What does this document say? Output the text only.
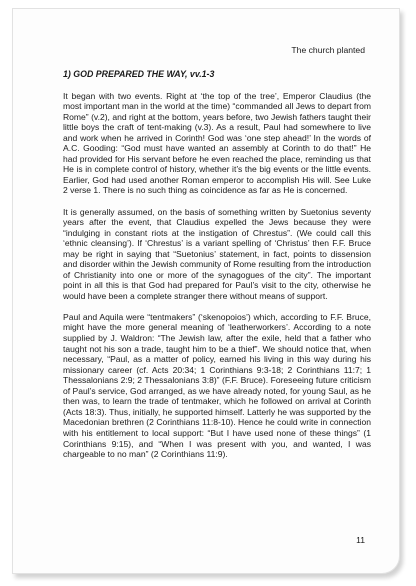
The church planted
1) GOD PREPARED THE WAY, vv.1-3

It began with two events. Right at ‘the top of the tree’, Emperor Claudius (the most important man in the world at the time) “commanded all Jews to depart from Rome” (v.2), and right at the bottom, years before, two Jewish fathers taught their little boys the craft of tent-making (v.3). As a result, Paul had somewhere to live and work when he arrived in Corinth! God was ‘one step ahead!’ In the words of A.C. Gooding: “God must have wanted an assembly at Corinth to do that!” He had provided for His servant before he even reached the place, reminding us that He is in complete control of history, whether it’s the big events or the little events. Earlier, God had used another Roman emperor to accomplish His will. See Luke 2 verse 1. There is no such thing as coincidence as far as He is concerned.

It is generally assumed, on the basis of something written by Suetonius seventy years after the event, that Claudius expelled the Jews because they were “indulging in constant riots at the instigation of Chrestus”. (We could call this ‘ethnic cleansing’). If ‘Chrestus’ is a variant spelling of ‘Christus’ then F.F. Bruce may be right in saying that “Suetonius’ statement, in fact, points to dissension and disorder within the Jewish community of Rome resulting from the introduction of Christianity into one or more of the synagogues of the city”. The important point in all this is that God had prepared for Paul’s visit to the city, otherwise he would have been a complete stranger there without means of support.

Paul and Aquila were “tentmakers” (‘skenopoios’) which, according to F.F. Bruce, might have the more general meaning of ‘leatherworkers’. According to a note supplied by J. Waldron: “The Jewish law, after the exile, held that a father who taught not his son a trade, taught him to be a thief”. We should notice that, when necessary, “Paul, as a matter of policy, earned his living in this way during his missionary career (cf. Acts 20:34; 1 Corinthians 9:3-18; 2 Corinthians 11:7; 1 Thessalonians 2:9; 2 Thessalonians 3:8)” (F.F. Bruce). Foreseeing future criticism of Paul’s service, God arranged, as we have already noted, for young Saul, as he then was, to learn the trade of tentmaker, which he followed on arrival at Corinth (Acts 18:3). Thus, initially, he supported himself. Latterly he was supported by the Macedonian brethren (2 Corinthians 11:8-10). Hence he could write in connection with his entitlement to local support: “But I have used none of these things” (1 Corinthians 9:15), and “When I was present with you, and wanted, I was chargeable to no man” (2 Corinthians 11:9).

11
